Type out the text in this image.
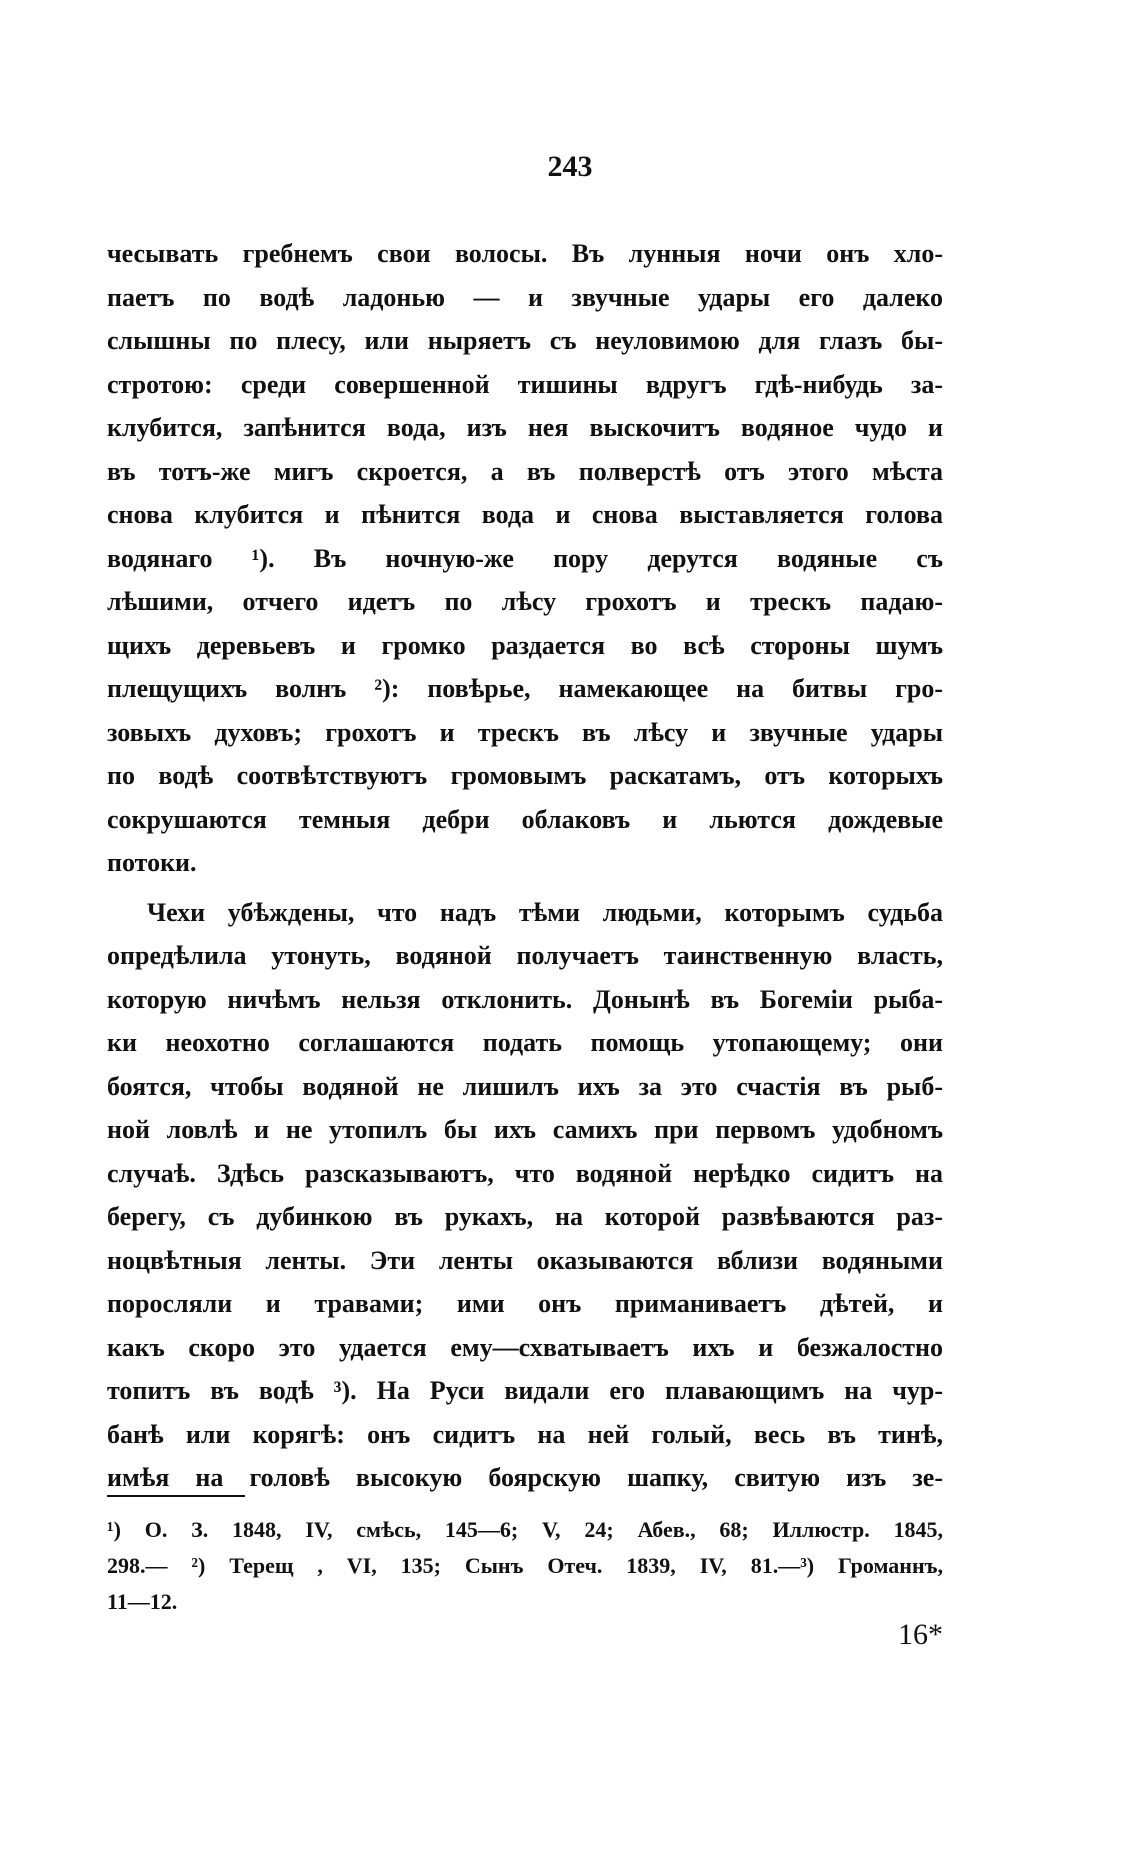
243
чесывать гребнемъ свои волосы. Въ лунныя ночи онъ хло-
паетъ по водѣ ладонью — и звучные удары его далеко
слышны по плесу, или ныряетъ съ неуловимою для глазъ бы-
стротою: среди совершенной тишины вдругъ гдѣ-нибудь за-
клубится, запѣнится вода, изъ нея выскочитъ водяное чудо и
въ тотъ-же мигъ скроется, а въ полверстѣ отъ этого мѣста
снова клубится и пѣнится вода и снова выставляется голова
водянаго ¹). Въ ночную-же пору дерутся водяные съ
лѣшими, отчего идетъ по лѣсу грохотъ и трескъ падаю-
щихъ деревьевъ и громко раздается во всѣ стороны шумъ
плещущихъ волнъ ²): повѣрье, намекающее на битвы гро-
зовыхъ духовъ; грохотъ и трескъ въ лѣсу и звучные удары
по водѣ соотвѣтствуютъ громовымъ раскатамъ, отъ которыхъ
сокрушаются темныя дебри облаковъ и льются дождевые
потоки.
Чехи убѣждены, что надъ тѣми людьми, которымъ судьба
опредѣлила утонуть, водяной получаетъ таинственную власть,
которую ничѣмъ нельзя отклонить. Донынѣ въ Богеміи рыба-
ки неохотно соглашаются подать помощь утопающему; они
боятся, чтобы водяной не лишилъ ихъ за это счастія въ рыб-
ной ловлѣ и не утопилъ бы ихъ самихъ при первомъ удобномъ
случаѣ. Здѣсь разсказываютъ, что водяной нерѣдко сидитъ на
берегу, съ дубинкою въ рукахъ, на которой развѣваются раз-
ноцвѣтныя ленты. Эти ленты оказываются вблизи водяными
поросляли и травами; ими онъ приманиваетъ дѣтей, и
какъ скоро это удается ему—схватываетъ ихъ и безжалостно
топитъ въ водѣ ³). На Руси видали его плавающимъ на чур-
банѣ или корягѣ: онъ сидитъ на ней голый, весь въ тинѣ,
имѣя на головѣ высокую боярскую шапку, свитую изъ зе-
¹) О. З. 1848, IV, смѣсь, 145—6; V, 24; Абев., 68; Иллюстр. 1845,
298.— ²) Терещ , VI, 135; Сынъ Отеч. 1839, IV, 81.—³) Громаннъ,
11—12.
16*
